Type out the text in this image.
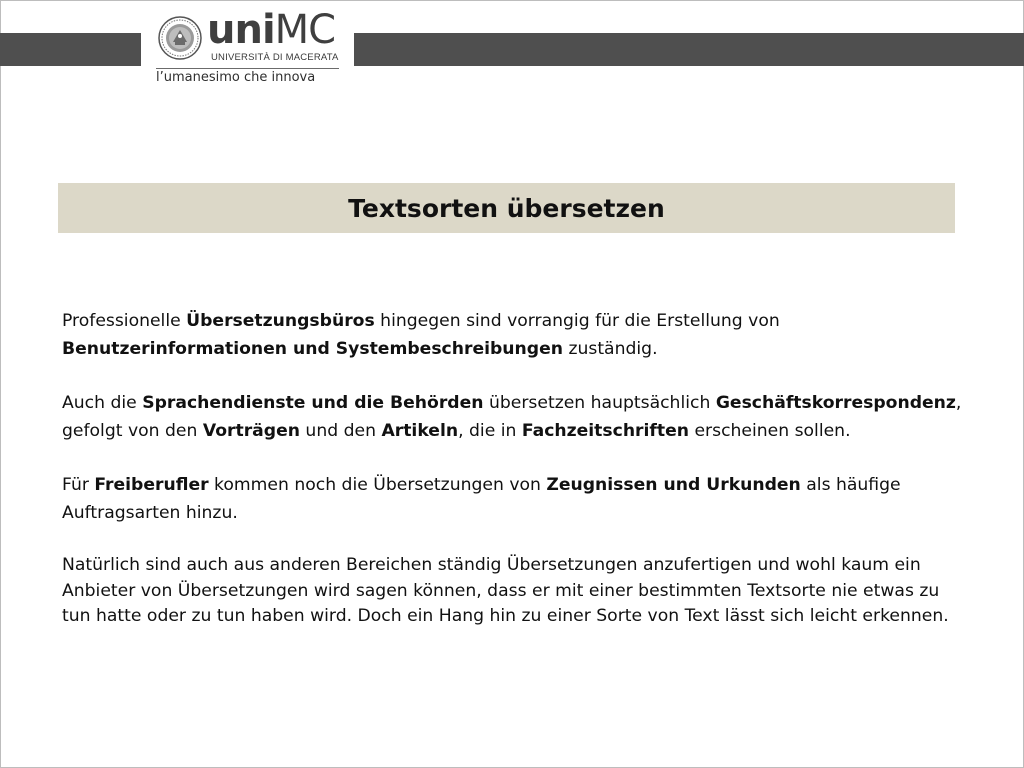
uniMC
UNIVERSITÀ DI MACERATA
l’umanesimo che innova
Textsorten übersetzen

Professionelle Übersetzungsbüros hingegen sind vorrangig für die Erstellung von Benutzerinformationen und Systembeschreibungen zuständig.

Auch die Sprachendienste und die Behörden übersetzen hauptsächlich Geschäftskorrespondenz, gefolgt von den Vorträgen und den Artikeln, die in Fachzeitschriften erscheinen sollen.

Für Freiberufler kommen noch die Übersetzungen von Zeugnissen und Urkunden als häufige Auftragsarten hinzu.

Natürlich sind auch aus anderen Bereichen ständig Übersetzungen anzufertigen und wohl kaum ein Anbieter von Übersetzungen wird sagen können, dass er mit einer bestimmten Textsorte nie etwas zu tun hatte oder zu tun haben wird. Doch ein Hang hin zu einer Sorte von Text lässt sich leicht erkennen.
